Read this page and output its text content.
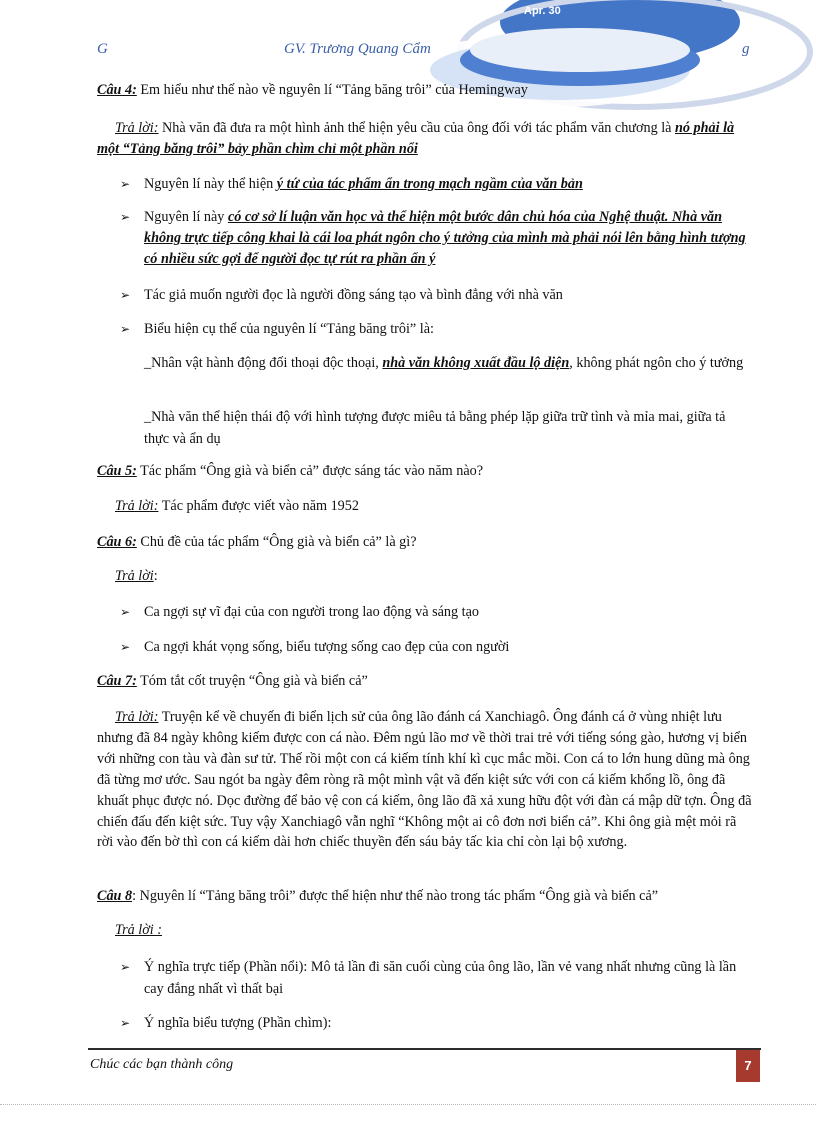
Apr. 30
G	GV. Trương Quang Cẩm	g
Câu 4: Em hiểu như thế nào về nguyên lí “Tảng băng trôi” của Hemingway
Trả lời: Nhà văn đã đưa ra một hình ảnh thể hiện yêu cầu của ông đối với tác phẩm văn chương là nó phải là một “Tảng băng trôi” bảy phần chìm chỉ một phần nổi
➢ Nguyên lí này thể hiện ý tứ của tác phẩm ẩn trong mạch ngầm của văn bản
➢ Nguyên lí này có cơ sở lí luận văn học và thể hiện một bước dân chủ hóa của Nghệ thuật. Nhà văn không trực tiếp công khai là cái loa phát ngôn cho ý tưởng của mình mà phải nói lên bằng hình tượng có nhiều sức gợi để người đọc tự rút ra phần ẩn ý
➢ Tác giả muốn người đọc là người đồng sáng tạo và bình đẳng với nhà văn
➢ Biểu hiện cụ thể của nguyên lí “Tảng băng trôi” là:
_Nhân vật hành động đối thoại độc thoại, nhà văn không xuất đầu lộ diện, không phát ngôn cho ý tưởng
_Nhà văn thể hiện thái độ với hình tượng được miêu tả bằng phép lặp giữa trữ tình và mỉa mai, giữa tả thực và ẩn dụ
Câu 5: Tác phẩm “Ông già và biển cả” được sáng tác vào năm nào?
Trả lời: Tác phẩm được viết vào năm 1952
Câu 6: Chủ đề của tác phẩm “Ông già và biển cả” là gì?
Trả lời:
➢ Ca ngợi sự vĩ đại của con người trong lao động và sáng tạo
➢ Ca ngợi khát vọng sống, biểu tượng sống cao đẹp của con người
Câu 7: Tóm tắt cốt truyện “Ông già và biển cả”
Trả lời: Truyện kể về chuyến đi biển lịch sử của ông lão đánh cá Xanchiagô. Ông đánh cá ở vùng nhiệt lưu nhưng đã 84 ngày không kiếm được con cá nào. Đêm ngủ lão mơ về thời trai trẻ với tiếng sóng gào, hương vị biển với những con tàu và đàn sư tử. Thế rồi một con cá kiếm tính khí kì cục mắc mồi. Con cá to lớn hung dũng mà ông đã từng mơ ước. Sau ngót ba ngày đêm ròng rã một mình vật vã đến kiệt sức với con cá kiếm khổng lồ, ông đã khuất phục được nó. Dọc đường để bảo vệ con cá kiếm, ông lão đã xả xung hữu đột với đàn cá mập dữ tợn. Ông đã chiến đấu đến kiệt sức. Tuy vậy Xanchiagô vẫn nghĩ “Không một ai cô đơn nơi biển cả”. Khi ông già mệt mỏi rã rời vào đến bờ thì con cá kiếm dài hơn chiếc thuyền đến sáu bảy tấc kia chỉ còn lại bộ xương.
Câu 8: Nguyên lí “Tảng băng trôi” được thể hiện như thế nào trong tác phẩm “Ông già và biển cả”
Trả lời :
➢ Ý nghĩa trực tiếp (Phần nổi): Mô tả lần đi săn cuối cùng của ông lão, lần vẻ vang nhất nhưng cũng là lần cay đắng nhất vì thất bại
➢ Ý nghĩa biểu tượng (Phần chìm):
Chúc các bạn thành công	7
